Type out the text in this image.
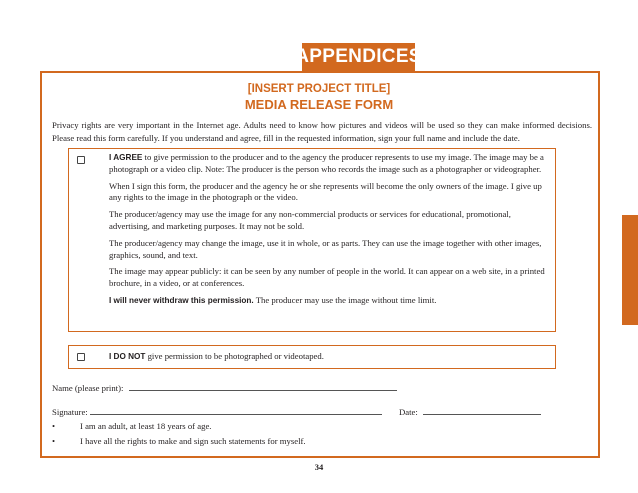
APPENDICES
[INSERT PROJECT TITLE]
MEDIA RELEASE FORM
Privacy rights are very important in the Internet age. Adults need to know how pictures and videos will be used so they can make informed decisions. Please read this form carefully. If you understand and agree, fill in the requested information, sign your full name and include the date.

I AGREE to give permission to the producer and to the agency the producer represents to use my image. The image may be a photograph or a video clip. Note: The producer is the person who records the image such as a photographer or videographer.

When I sign this form, the producer and the agency he or she represents will become the only owners of the image. I give up any rights to the image in the photograph or the video.

The producer/agency may use the image for any non-commercial products or services for educational, promotional, advertising, and marketing purposes. It may not be sold.

The producer/agency may change the image, use it in whole, or as parts. They can use the image together with other images, graphics, sound, and text.

The image may appear publicly: it can be seen by any number of people in the world. It can appear on a web site, in a printed brochure, in a video, or at conferences.

I will never withdraw this permission. The producer may use the image without time limit.

I DO NOT give permission to be photographed or videotaped.
Name (please print):
Signature:	Date:
•	I am an adult, at least 18 years of age.
•	I have all the rights to make and sign such statements for myself.
34
